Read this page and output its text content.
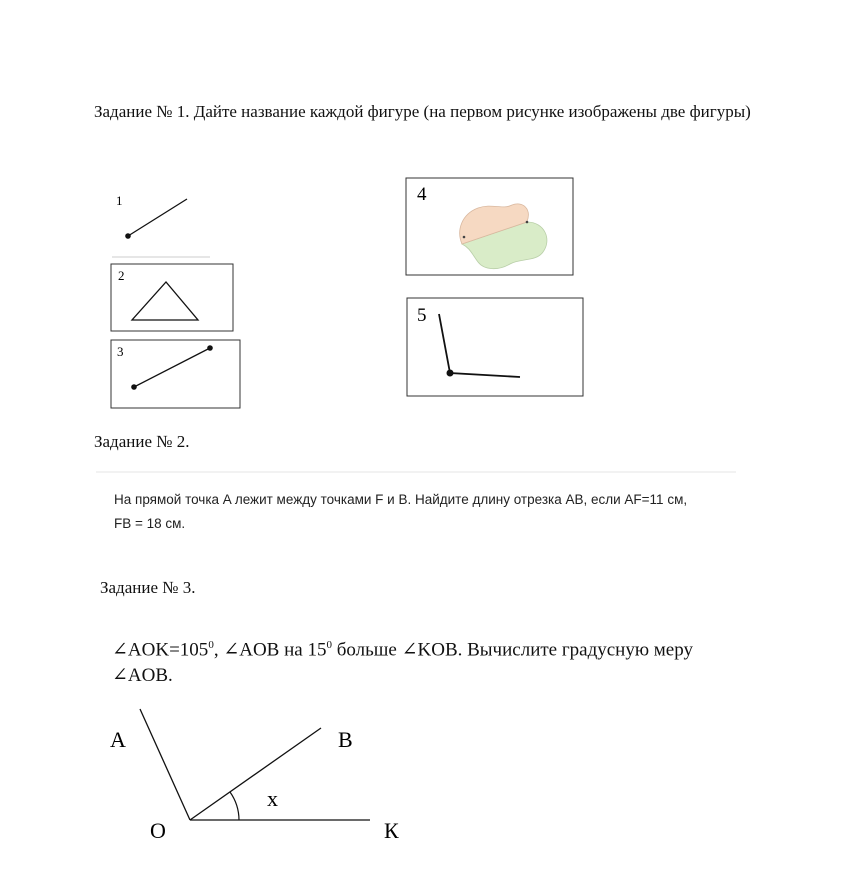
Задание № 1. Дайте название каждой фигуре (на первом рисунке изображены две фигуры)
1
2
3
4
5
A	B
O	К
x
Задание № 2.
На прямой точка A лежит между точками F и B. Найдите длину отрезка AB, если AF=11 см,
FB = 18 см.
Задание № 3.
$\angle AOK=105^0$, ∠AOB на $15^0$ больше ∠KOB. Вычислите градусную меру
∠AOB.
